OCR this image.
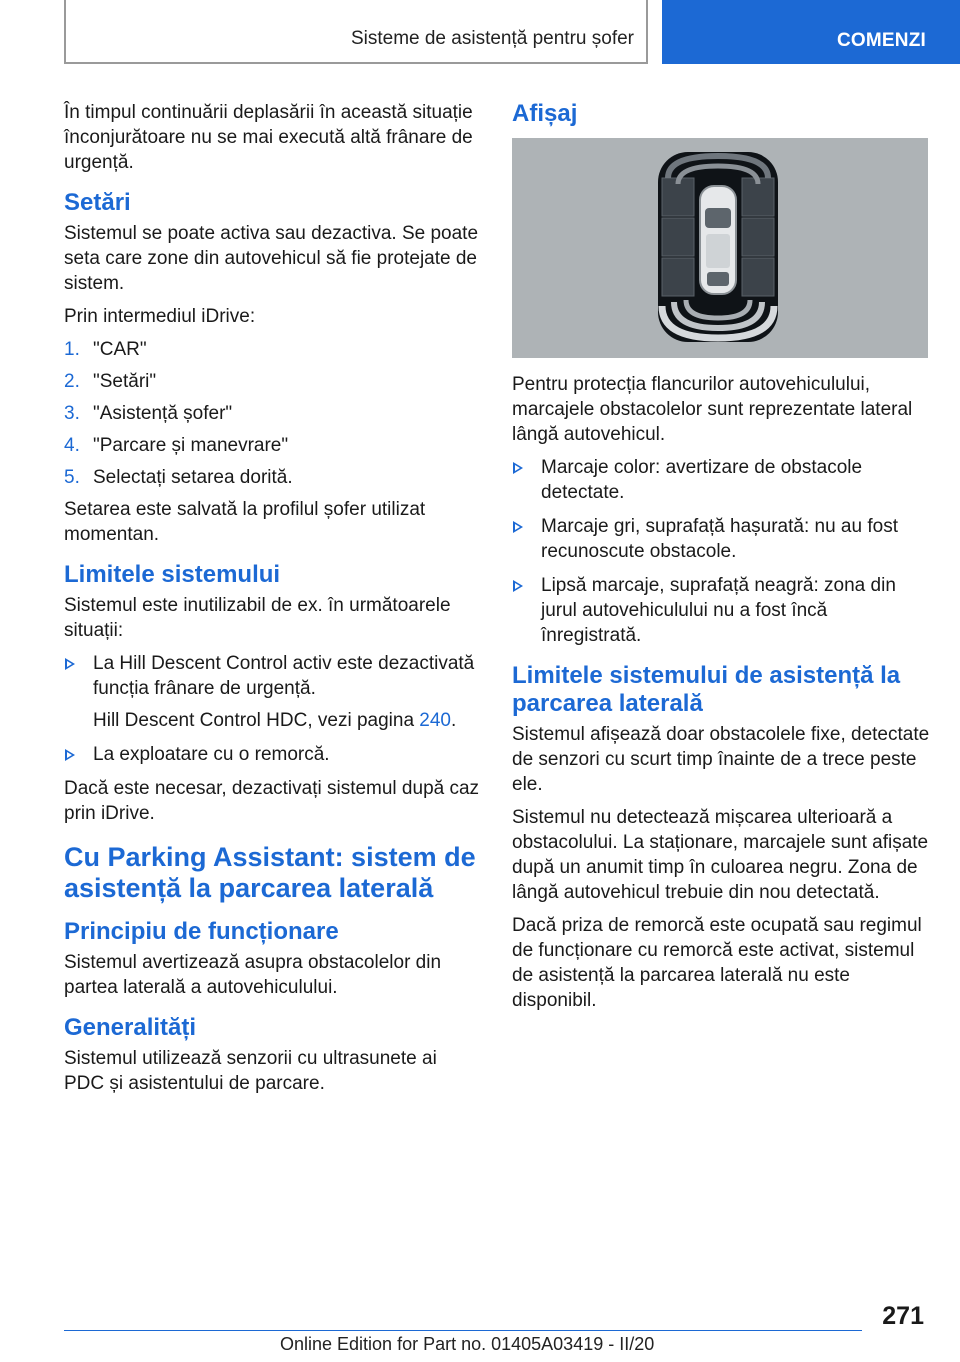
Sisteme de asistență pentru șofer	COMENZI

În timpul continuării deplasării în această situație înconjurătoare nu se mai execută altă frânare de urgență.

Setări

Sistemul se poate activa sau dezactiva. Se poate seta care zone din autovehicul să fie protejate de sistem.

Prin intermediul iDrive:

1. "CAR"
2. "Setări"
3. "Asistență șofer"
4. "Parcare și manevrare"
5. Selectați setarea dorită.

Setarea este salvată la profilul șofer utilizat momentan.

Limitele sistemului

Sistemul este inutilizabil de ex. în următoarele situații:

La Hill Descent Control activ este dezactivată funcția frânare de urgență.
Hill Descent Control HDC, vezi pagina 240.
La exploatare cu o remorcă.

Dacă este necesar, dezactivați sistemul după caz prin iDrive.

Cu Parking Assistant: sistem de asistență la parcarea laterală
Principiu de funcționare

Sistemul avertizează asupra obstacolelor din partea laterală a autovehiculului.

Generalități

Sistemul utilizează senzorii cu ultrasunete ai PDC și asistentului de parcare.

Afișaj

Pentru protecția flancurilor autovehiculului, marcajele obstacolelor sunt reprezentate lateral lângă autovehicul.

Marcaje color: avertizare de obstacole detectate.
Marcaje gri, suprafață hașurată: nu au fost recunoscute obstacole.
Lipsă marcaje, suprafață neagră: zona din jurul autovehiculului nu a fost încă înregistrată.
Limitele sistemului de asistență la parcarea laterală

Sistemul afișează doar obstacolele fixe, detectate de senzori cu scurt timp înainte de a trece peste ele.

Sistemul nu detectează mișcarea ulterioară a obstacolului. La staționare, marcajele sunt afișate după un anumit timp în culoarea negru. Zona de lângă autovehicul trebuie din nou detectată.

Dacă priza de remorcă este ocupată sau regimul de funcționare cu remorcă este activat, sistemul de asistență la parcarea laterală nu este disponibil.

271
Online Edition for Part no. 01405A03419 - II/20
